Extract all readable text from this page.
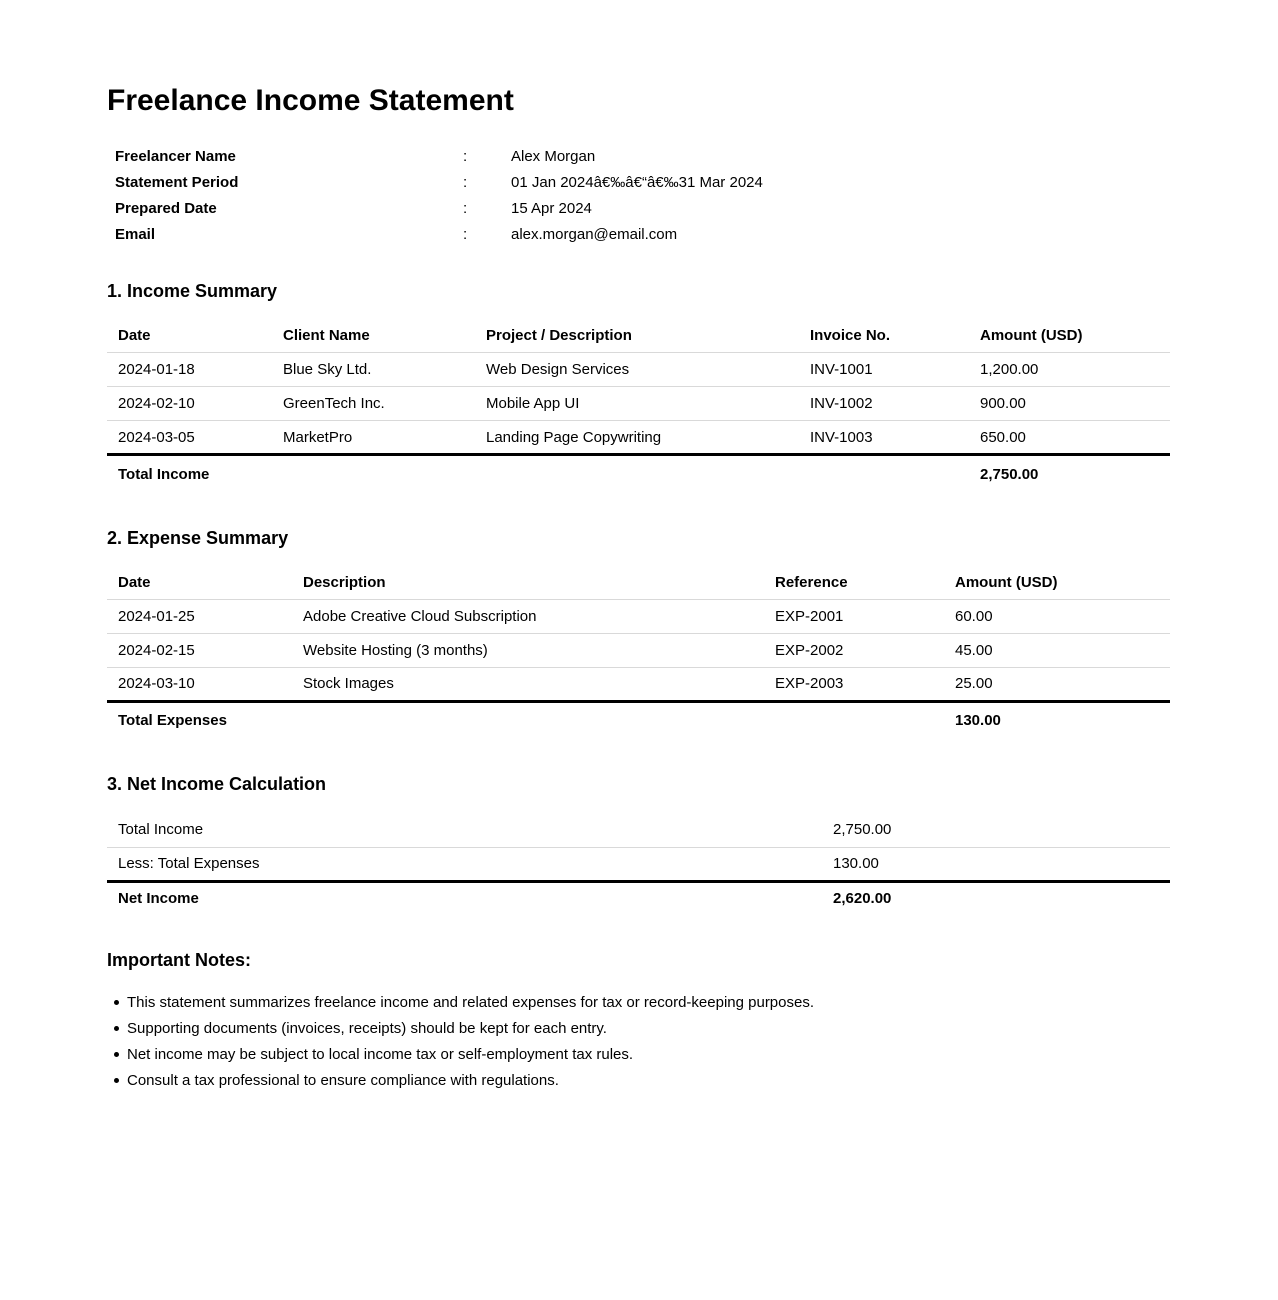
Freelance Income Statement
Freelancer Name	:	Alex Morgan
Statement Period	:	01 Jan 2024â€‰â€“â€‰31 Mar 2024
Prepared Date	:	15 Apr 2024
Email	:	alex.morgan@email.com
1. Income Summary
Date	Client Name	Project / Description	Invoice No.	Amount (USD)
2024-01-18	Blue Sky Ltd.	Web Design Services	INV-1001	1,200.00
2024-02-10	GreenTech Inc.	Mobile App UI	INV-1002	900.00
2024-03-05	MarketPro	Landing Page Copywriting	INV-1003	650.00
Total Income				2,750.00
2. Expense Summary
Date	Description	Reference	Amount (USD)
2024-01-25	Adobe Creative Cloud Subscription	EXP-2001	60.00
2024-02-15	Website Hosting (3 months)	EXP-2002	45.00
2024-03-10	Stock Images	EXP-2003	25.00
Total Expenses			130.00
3. Net Income Calculation
Total Income	2,750.00
Less: Total Expenses	130.00
Net Income	2,620.00
Important Notes:
This statement summarizes freelance income and related expenses for tax or record-keeping purposes.
Supporting documents (invoices, receipts) should be kept for each entry.
Net income may be subject to local income tax or self-employment tax rules.
Consult a tax professional to ensure compliance with regulations.
